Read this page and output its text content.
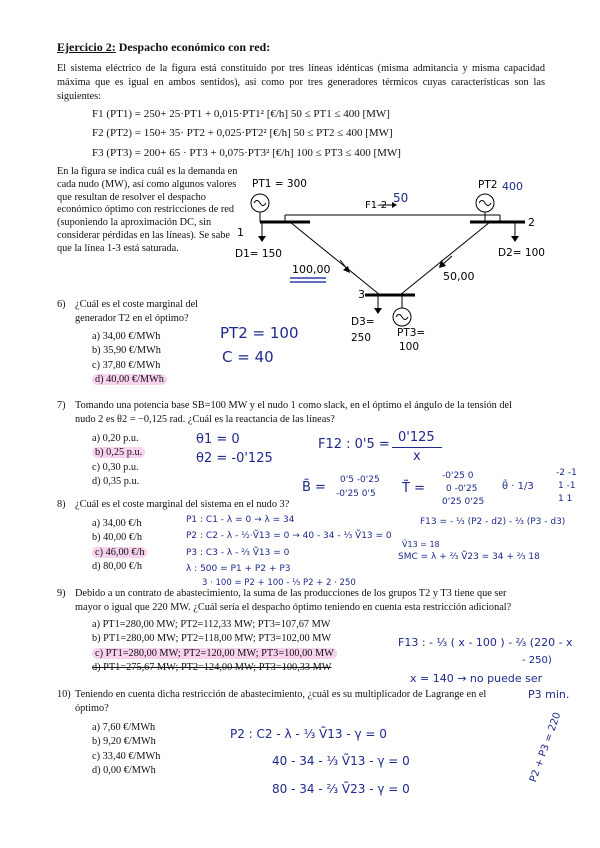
Ejercicio 2: Despacho económico con red:
El sistema eléctrico de la figura está constituido por tres líneas idénticas (misma admitancia y misma capacidad máxima que es igual en ambos sentidos), así como por tres generadores térmicos cuyas características son las siguientes:
F1 (PT1) = 250+ 25·PT1 + 0,015·PT1² [€/h] 50 ≤ PT1 ≤ 400 [MW]
F2 (PT2) = 150+ 35· PT2 + 0,025·PT2² [€/h] 50 ≤ PT2 ≤ 400 [MW]
F3 (PT3) = 200+ 65 · PT3 + 0,075·PT3² [€/h] 100 ≤ PT3 ≤ 400 [MW]
En la figura se indica cuál es la demanda en cada nudo (MW), así como algunos valores que resultan de resolver el despacho económico óptimo con restricciones de red (suponiendo la aproximación DC, sin considerar pérdidas en las líneas). Se sabe que la línea 1-3 está saturada.
PT1 = 300	PT2 400
F1-2
50
1
2
3
D1= 150	D2= 100
D3=
250 PT3=
100
100,00
50,00
6) ¿Cuál es el coste marginal del
generador T2 en el óptimo?
a) 34,00 €/MWh
b) 35,90 €/MWh
c) 37,80 €/MWh
d) 40,00 €/MWh
PT2 = 100
C = 40
7) Tomando una potencia base SB=100 MW y el nudo 1 como slack, en el óptimo el ángulo de la tensión del
nudo 2 es θ2 = −0,125 rad. ¿Cuál es la reactancia de las líneas?
a) 0,20 p.u.
b) 0,25 p.u.
c) 0,30 p.u.
d) 0,35 p.u.
θ1 = 0
θ2 = -0'125
F12 : 0'5 = 0'125
x
B̃ = 0'5 -0'25
-0'25 0'5 T̃ =
-0'25 0
0 -0'25
0'25 0'25
θ̃ · 1/3
-2 -1
1 -1
1 1
8) ¿Cuál es el coste marginal del sistema en el nudo 3?
a) 34,00 €/h
b) 40,00 €/h
c) 46,00 €/h
d) 80,00 €/h
P1 : C1 - λ = 0 → λ = 34
P2 : C2 - λ - ½·Ṽ13 = 0 → 40 - 34 - ⅓ Ṽ13 = 0
Ṽ13 = 18
P3 : C3 - λ - ⅔ Ṽ13 = 0
λ : 500 = P1 + P2 + P3
3 · 100 = P2 + 100 - ⅓ P2 + 2 · 250
F13 = - ⅓ (P2 - d2) - ⅔ (P3 - d3)
SMC = λ + ⅔ Ṽ23 = 34 + ⅔ 18
9) Debido a un contrato de abastecimiento, la suma de las producciones de los grupos T2 y T3 tiene que ser
mayor o igual que 220 MW. ¿Cuál sería el despacho óptimo teniendo en cuenta esta restricción adicional?
a) PT1=280,00 MW; PT2=112,33 MW; PT3=107,67 MW
b) PT1=280,00 MW; PT2=118,00 MW; PT3=102,00 MW
c) PT1=280,00 MW; PT2=120,00 MW; PT3=100,00 MW
d) PT1=275,67 MW; PT2=124,00 MW; PT3=100,33 MW
F13 : - ⅓ ( x - 100 ) - ⅔ (220 - x
- 250)
x = 140 → no puede ser
P3 min.
10) Teniendo en cuenta dicha restricción de abastecimiento, ¿cuál es su multiplicador de Lagrange en el
óptimo?
a) 7,60 €/MWh
b) 9,20 €/MWh
c) 33,40 €/MWh
d) 0,00 €/MWh
P2 : C2 - λ - ⅓ Ṽ13 - γ = 0
40 - 34 - ⅓ Ṽ13 - γ = 0
80 - 34 - ⅔ Ṽ23 - γ = 0
P2 + P3 = 220
